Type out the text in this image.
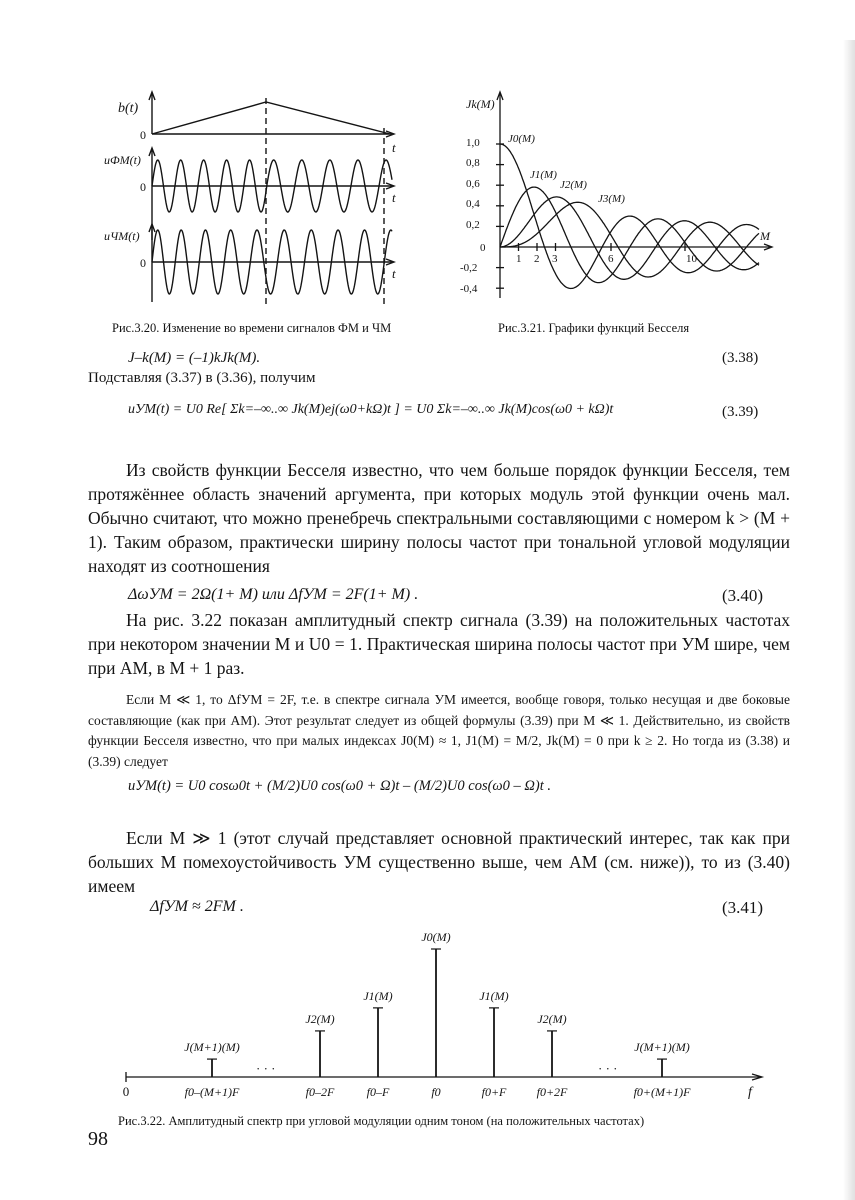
b(t)
uФМ(t)
uЧМ(t)
0
0
0
t
t
t
Рис.3.20. Изменение во времени сигналов ФМ и ЧМ
Jk(M)
M
1,0
0,8
0,6
0,4
0,2
0
-0,2
-0,4
1 2 3	6	10
J0(M)
J1(M)
J2(M)
J3(M)
Рис.3.21. Графики функций Бесселя
J–k(M) = (–1)kJk(M).	(3.38)
Подставляя (3.37) в (3.36), получим
uУМ(t) = U0 Re[ Σk=–∞..∞ Jk(M)ej(ω0+kΩ)t ] = U0 Σk=–∞..∞ Jk(M)cos(ω0 + kΩ)t	(3.39)
Из свойств функции Бесселя известно, что чем больше порядок функции Бесселя, тем протяжённее область значений аргумента, при которых модуль этой функции очень мал. Обычно считают, что можно пренебречь спектральными составляющими с номером k > (M + 1). Таким образом, практически ширину полосы частот при тональной угловой модуляции находят из соотношения
ΔωУМ = 2Ω(1+ M) или ΔfУМ = 2F(1+ M) .	(3.40)
На рис. 3.22 показан амплитудный спектр сигнала (3.39) на положительных частотах при некотором значении M и U0 = 1. Практическая ширина полосы частот при УМ шире, чем при АМ, в M + 1 раз.
Если M ≪ 1, то ΔfУМ = 2F, т.е. в спектре сигнала УМ имеется, вообще говоря, только несущая и две боковые составляющие (как при АМ). Этот результат следует из общей формулы (3.39) при M ≪ 1. Действительно, из свойств функции Бесселя известно, что при малых индексах J0(M) ≈ 1, J1(M) = M/2, Jk(M) = 0 при k ≥ 2. Но тогда из (3.38) и (3.39) следует
uУМ(t) = U0 cosω0t + (M/2)U0 cos(ω0 + Ω)t – (M/2)U0 cos(ω0 – Ω)t .
Если M ≫ 1 (этот случай представляет основной практический интерес, так как при больших M помехоустойчивость УМ существенно выше, чем АМ (см. ниже)), то из (3.40) имеем
ΔfУМ ≈ 2FM .	(3.41)
0	f
· · ·	· · ·
J(M+1)(M)
f0–(M+1)F
J2(M)
f0–2F
J1(M)
f0–F
J0(M)
f0
J1(M)
f0+F
J2(M)
f0+2F
J(M+1)(M)
f0+(M+1)F
Рис.3.22. Амплитудный спектр при угловой модуляции одним тоном (на положительных частотах)
98
